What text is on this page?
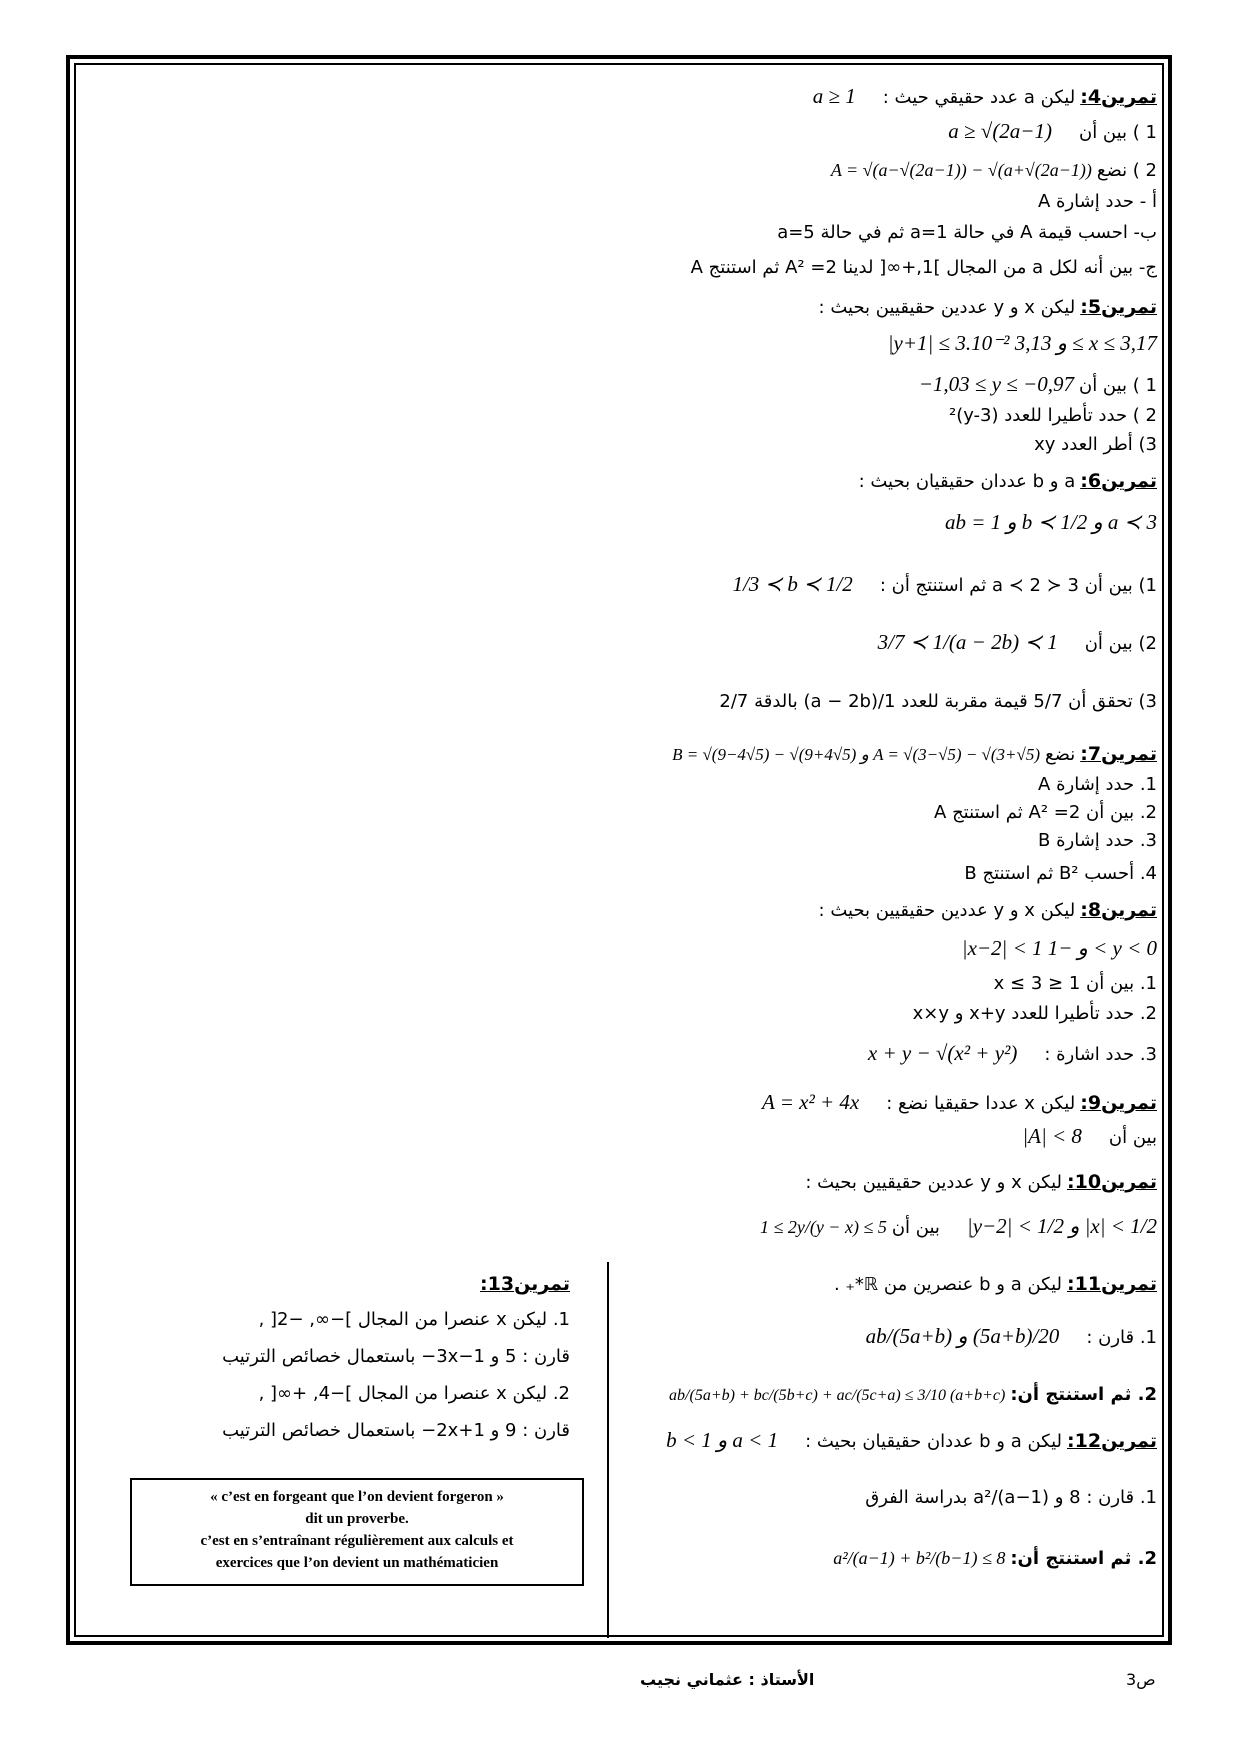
تمرين4: ليكن a عدد حقيقي حيث : a ≥ 1
1 ) بين أن a ≥ √(2a−1)
2 ) نضع A = √(a−√(2a−1)) − √(a+√(2a−1))
أ - حدد إشارة A
ب- احسب قيمة A في حالة a=1 ثم في حالة a=5
ج- بين أنه لكل a من المجال ]1,+∞[ لدينا A² =2 ثم استنتج A
تمرين5: ليكن x و y عددين حقيقيين بحيث :
|y+1| ≤ 3.10⁻² و 3,13 ≤ x ≤ 3,17
1 ) بين أن −1,03 ≤ y ≤ −0,97
2 ) حدد تأطيرا للعدد (y-3)²
3) أطر العدد xy
تمرين6: a و b عددان حقيقيان بحيث :
ab = 1 و b ≺ 1/2 و a ≺ 3
1) بين أن 3 ≺ a ≺ 2 ثم استنتج أن : 1/3 ≺ b ≺ 1/2
2) بين أن 3/7 ≺ 1/(a − 2b) ≺ 1
3) تحقق أن 5/7 قيمة مقربة للعدد 1/(a − 2b) بالدقة 2/7
تمرين7: نضع B = √(9−4√5) − √(9+4√5) و A = √(3−√5) − √(3+√5)
1. حدد إشارة A
2. بين أن A² =2 ثم استنتج A
3. حدد إشارة B
4. أحسب B² ثم استنتج B
تمرين8: ليكن x و y عددين حقيقيين بحيث :
|x−2| < 1 و −1 < y < 0
1. بين أن 1 ≤ x ≤ 3
2. حدد تأطيرا للعدد x+y و x×y
3. حدد اشارة : x + y − √(x² + y²)
تمرين9: ليكن x عددا حقيقيا نضع : A = x² + 4x
بين أن |A| < 8
تمرين10: ليكن x و y عددين حقيقيين بحيث :
|y−2| < 1/2 و |x| < 1/2 بين أن 1 ≤ 2y/(y − x) ≤ 5
تمرين11: ليكن a و b عنصرين من ℝ*₊ .
1. قارن : ab/(5a+b) و (5a+b)/20
2. ثم استنتج أن: ab/(5a+b) + bc/(5b+c) + ac/(5c+a) ≤ 3/10 (a+b+c)
تمرين12: ليكن a و b عددان حقيقيان بحيث : b < 1 و a < 1
1. قارن : 8 و a²/(a−1) بدراسة الفرق
2. ثم استنتج أن: a²/(a−1) + b²/(b−1) ≤ 8
تمرين13:
1. ليكن x عنصرا من المجال ]−∞, −2[ ,
قارن : 5 و 1−3x− باستعمال خصائص الترتيب
2. ليكن x عنصرا من المجال ]−4, +∞[ ,
قارن : 9 و 1+2x− باستعمال خصائص الترتيب
« c’est en forgeant que l’on devient forgeron »
dit un proverbe.
c’est en s’entraînant régulièrement aux calculs et
exercices que l’on devient un mathématicien
الأستاذ : عثماني نجيب	ص3
